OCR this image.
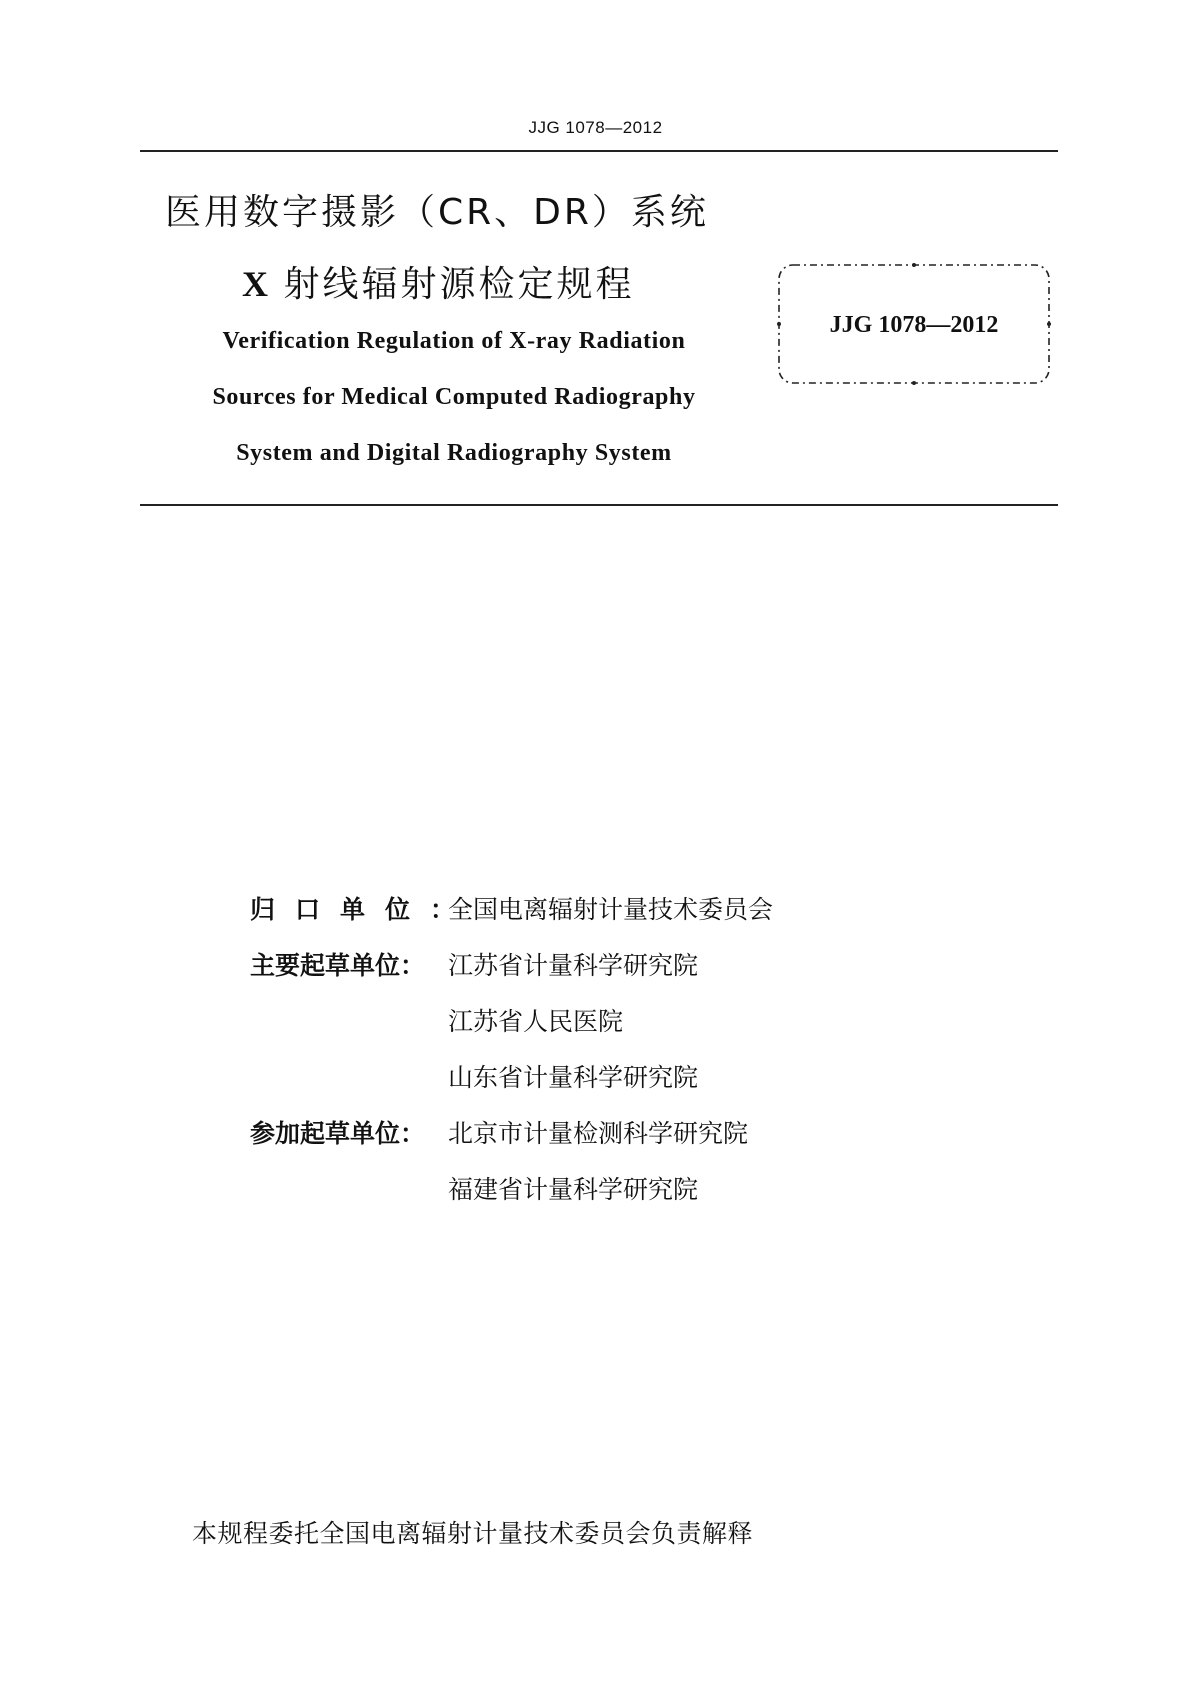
JJG 1078—2012
医用数字摄影（CR、DR）系统
X 射线辐射源检定规程
Verification Regulation of X-ray Radiation
Sources for Medical Computed Radiography
System and Digital Radiography System
JJG 1078—2012
归口单位：
全国电离辐射计量技术委员会
主要起草单位： 江苏省计量科学研究院
江苏省人民医院
山东省计量科学研究院
参加起草单位： 北京市计量检测科学研究院
福建省计量科学研究院
本规程委托全国电离辐射计量技术委员会负责解释
